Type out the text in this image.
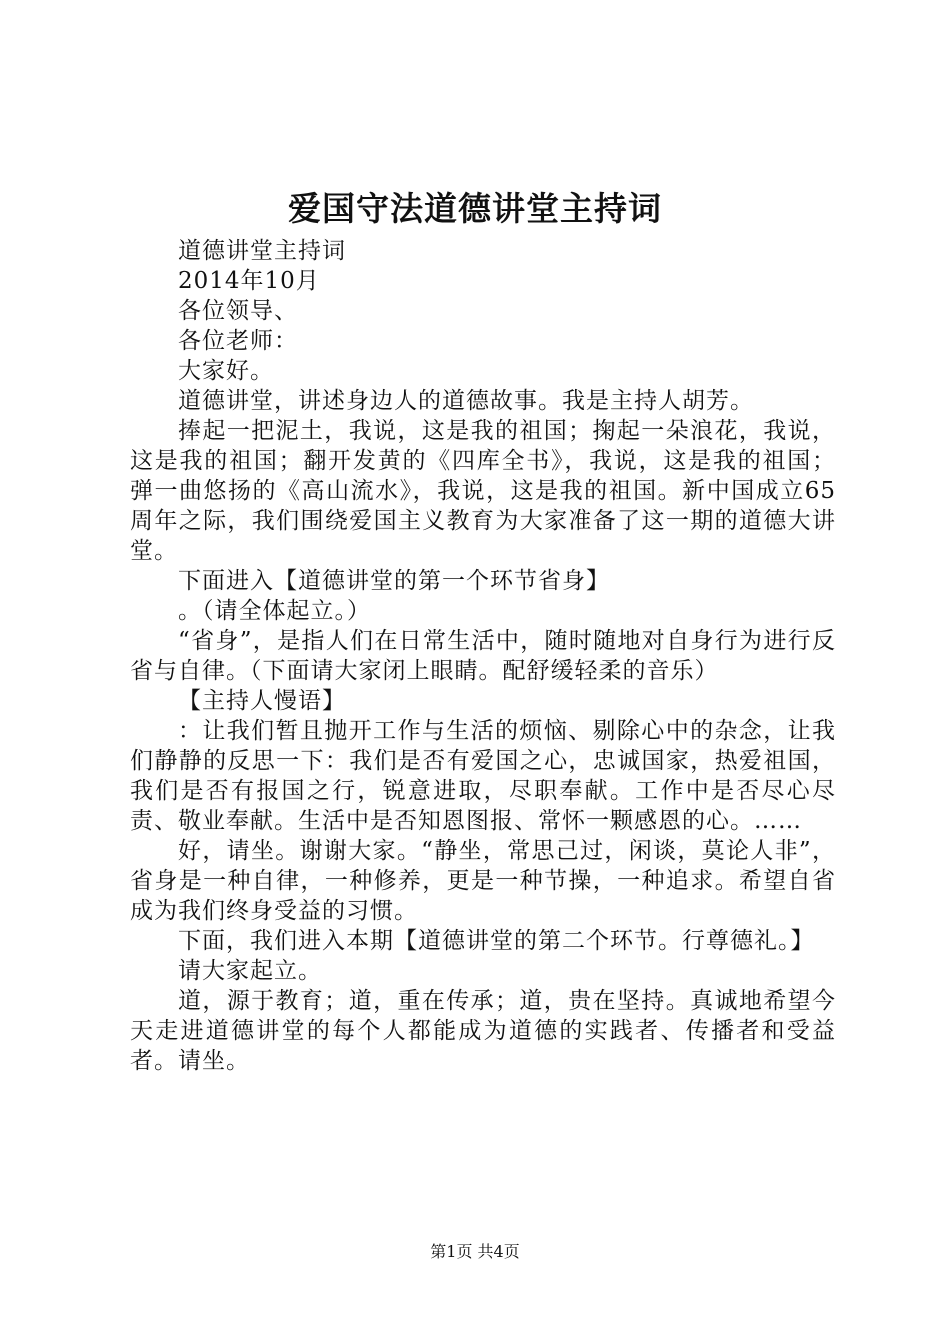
爱国守法道德讲堂主持词

道德讲堂主持词

2014年10月

各位领导、

各位老师：

大家好。

道德讲堂，讲述身边人的道德故事。我是主持人胡芳。

捧起一把泥土，我说，这是我的祖国；掬起一朵浪花，我说，这是我的祖国；翻开发黄的《四库全书》，我说，这是我的祖国；弹一曲悠扬的《高山流水》，我说，这是我的祖国。新中国成立65周年之际，我们围绕爱国主义教育为大家准备了这一期的道德大讲堂。

下面进入【道德讲堂的第一个环节省身】

。（请全体起立。）

“省身”，是指人们在日常生活中，随时随地对自身行为进行反省与自律。（下面请大家闭上眼睛。配舒缓轻柔的音乐）

【主持人慢语】

：让我们暂且抛开工作与生活的烦恼、剔除心中的杂念，让我们静静的反思一下：我们是否有爱国之心，忠诚国家，热爱祖国，我们是否有报国之行，锐意进取，尽职奉献。工作中是否尽心尽责、敬业奉献。生活中是否知恩图报、常怀一颗感恩的心。……

好，请坐。谢谢大家。“静坐，常思己过，闲谈，莫论人非”，省身是一种自律，一种修养，更是一种节操，一种追求。希望自省成为我们终身受益的习惯。

下面，我们进入本期【道德讲堂的第二个环节。行尊德礼。】

请大家起立。

道，源于教育；道，重在传承；道，贵在坚持。真诚地希望今天走进道德讲堂的每个人都能成为道德的实践者、传播者和受益者。请坐。

第1页 共4页
